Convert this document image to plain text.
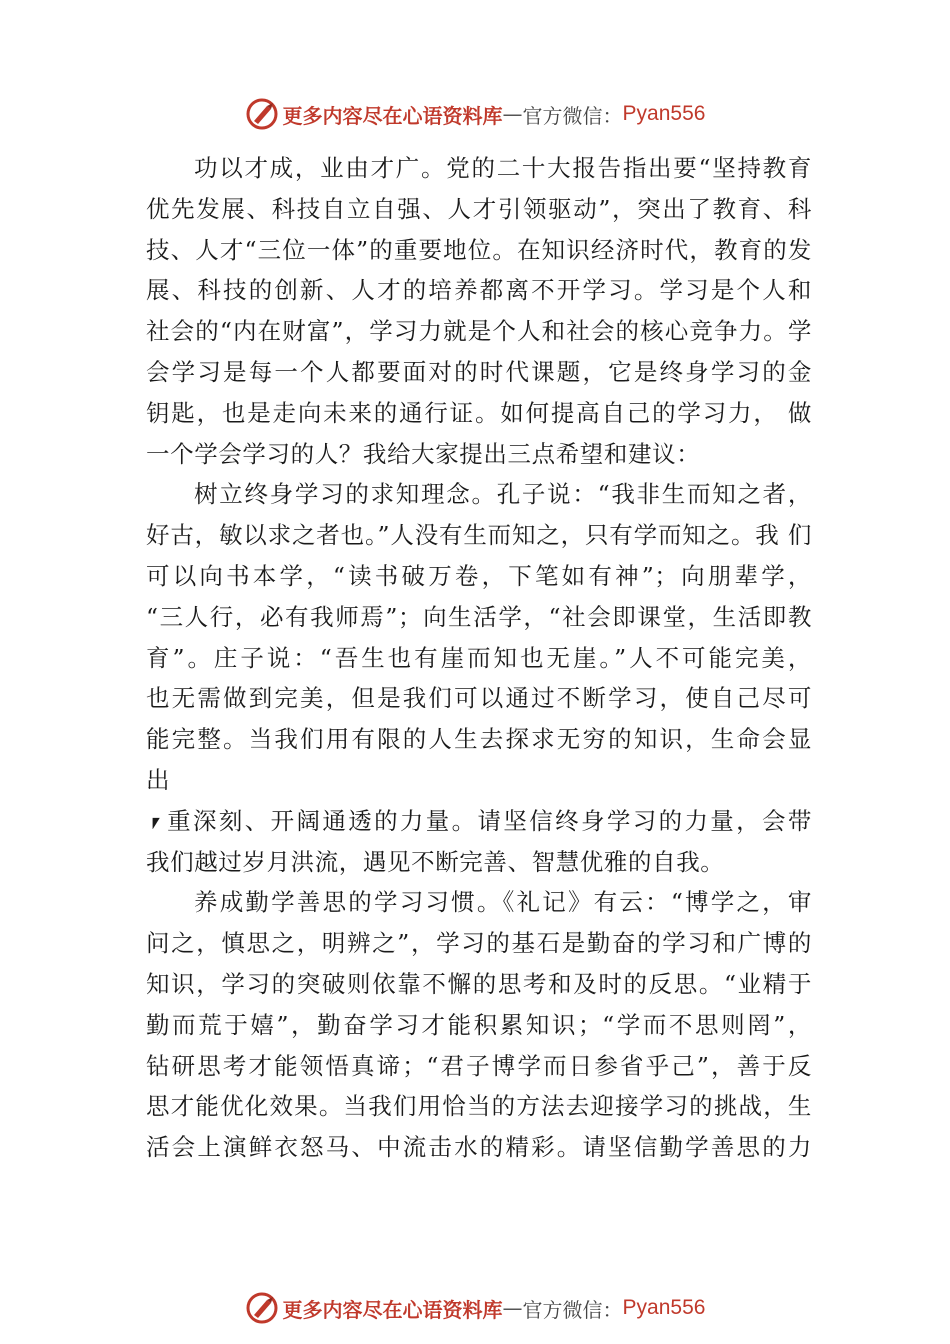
更多内容尽在心语资料库 — 官方微信： Pyan556
功以才成，业由才广。党的二十大报告指出要“坚持教育
优先发展、科技自立自强、人才引领驱动”，突出了教育、科
技、人才“三位一体”的重要地位。在知识经济时代，教育的发
展、科技的创新、人才的培养都离不开学习。学习是个人和
社会的“内在财富”，学习力就是个人和社会的核心竞争力。学
会学习是每一个人都要面对的时代课题，它是终身学习的金
钥匙，也是走向未来的通行证。如何提高自己的学习力， 做
一个学会学习的人？我给大家提出三点希望和建议：
树立终身学习的求知理念。孔子说：“我非生而知之者，
好古，敏以求之者也。”人没有生而知之，只有学而知之。我 们
可以向书本学，“读书破万卷，下笔如有神”；向朋辈学，
“三人行，必有我师焉”；向生活学，“社会即课堂，生活即教
育”。庄子说：“吾生也有崖而知也无崖。”人不可能完美，
也无需做到完美，但是我们可以通过不断学习，使自己尽可
能完整。当我们用有限的人生去探求无穷的知识，生命会显
出
⎖重深刻、开阔通透的力量。请坚信终身学习的力量，会带
我们越过岁月洪流，遇见不断完善、智慧优雅的自我。
养成勤学善思的学习习惯。《礼记》有云：“博学之，审
问之，慎思之，明辨之”，学习的基石是勤奋的学习和广博的
知识，学习的突破则依靠不懈的思考和及时的反思。“业精于
勤而荒于嬉”，勤奋学习才能积累知识；“学而不思则罔”，
钻研思考才能领悟真谛；“君子博学而日参省乎己”，善于反
思才能优化效果。当我们用恰当的方法去迎接学习的挑战，生
活会上演鲜衣怒马、中流击水的精彩。请坚信勤学善思的力
更多内容尽在心语资料库 — 官方微信： Pyan556
